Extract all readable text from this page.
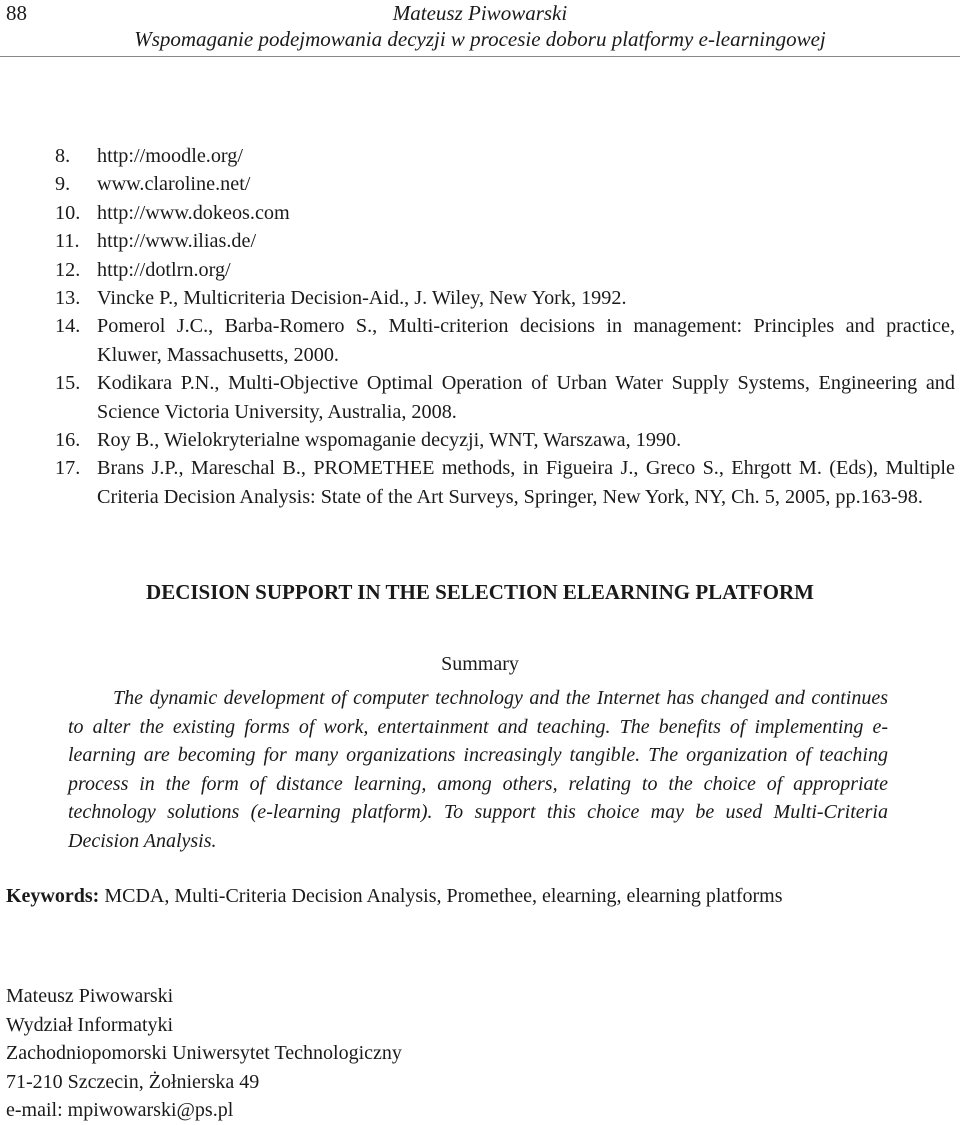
88	Mateusz Piwowarski
Wspomaganie podejmowania decyzji w procesie doboru platformy e-learningowej
8. http://moodle.org/
9. www.claroline.net/
10. http://www.dokeos.com
11. http://www.ilias.de/
12. http://dotlrn.org/
13. Vincke P., Multicriteria Decision-Aid., J. Wiley, New York, 1992.
14. Pomerol J.C., Barba-Romero S., Multi-criterion decisions in management: Principles and practice, Kluwer, Massachusetts, 2000.
15. Kodikara P.N., Multi-Objective Optimal Operation of Urban Water Supply Systems, Engineering and Science Victoria University, Australia, 2008.
16. Roy B., Wielokryterialne wspomaganie decyzji, WNT, Warszawa, 1990.
17. Brans J.P., Mareschal B., PROMETHEE methods, in Figueira J., Greco S., Ehrgott M. (Eds), Multiple Criteria Decision Analysis: State of the Art Surveys, Springer, New York, NY, Ch. 5, 2005, pp.163-98.
DECISION SUPPORT IN THE SELECTION ELEARNING PLATFORM
Summary

The dynamic development of computer technology and the Internet has changed and continues to alter the existing forms of work, entertainment and teaching. The benefits of implementing e-learning are becoming for many organizations increasingly tangible. The organization of teaching process in the form of distance learning, among others, relating to the choice of appropriate technology solutions (e-learning platform). To support this choice may be used Multi-Criteria Decision Analysis.

Keywords: MCDA, Multi-Criteria Decision Analysis, Promethee, elearning, elearning platforms
Mateusz Piwowarski
Wydział Informatyki
Zachodniopomorski Uniwersytet Technologiczny
71-210 Szczecin, Żołnierska 49
e-mail: mpiwowarski@ps.pl
